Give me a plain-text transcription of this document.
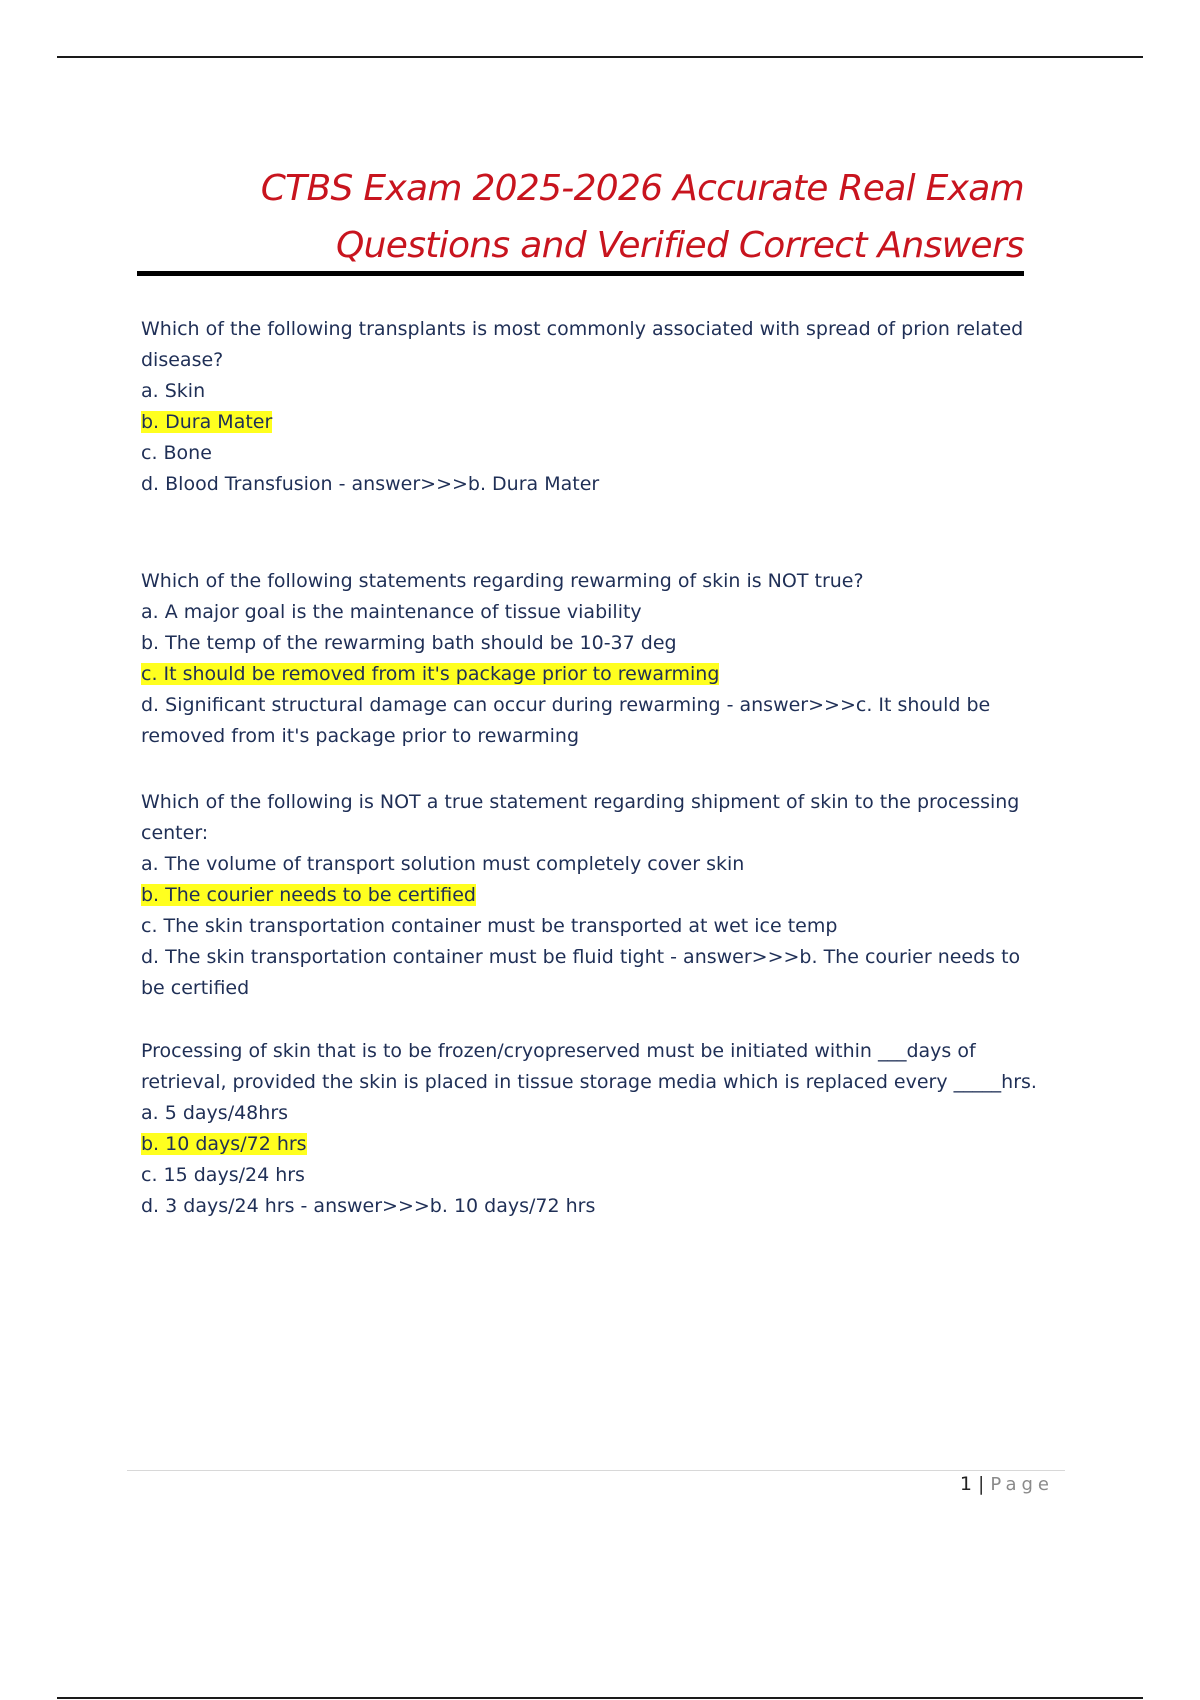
CTBS Exam 2025-2026 Accurate Real Exam
Questions and Verified Correct Answers

Which of the following transplants is most commonly associated with spread of prion related disease?

a. Skin

b. Dura Mater

c. Bone

d. Blood Transfusion - answer>>>b. Dura Mater

Which of the following statements regarding rewarming of skin is NOT true?

a. A major goal is the maintenance of tissue viability

b. The temp of the rewarming bath should be 10-37 deg

c. It should be removed from it's package prior to rewarming

d. Significant structural damage can occur during rewarming - answer>>>c. It should be removed from it's package prior to rewarming

Which of the following is NOT a true statement regarding shipment of skin to the processing center:

a. The volume of transport solution must completely cover skin

b. The courier needs to be certified

c. The skin transportation container must be transported at wet ice temp

d. The skin transportation container must be fluid tight - answer>>>b. The courier needs to be certified

Processing of skin that is to be frozen/cryopreserved must be initiated within ___days of retrieval, provided the skin is placed in tissue storage media which is replaced every _____hrs.

a. 5 days/48hrs

b. 10 days/72 hrs

c. 15 days/24 hrs

d. 3 days/24 hrs - answer>>>b. 10 days/72 hrs

1 | Page
